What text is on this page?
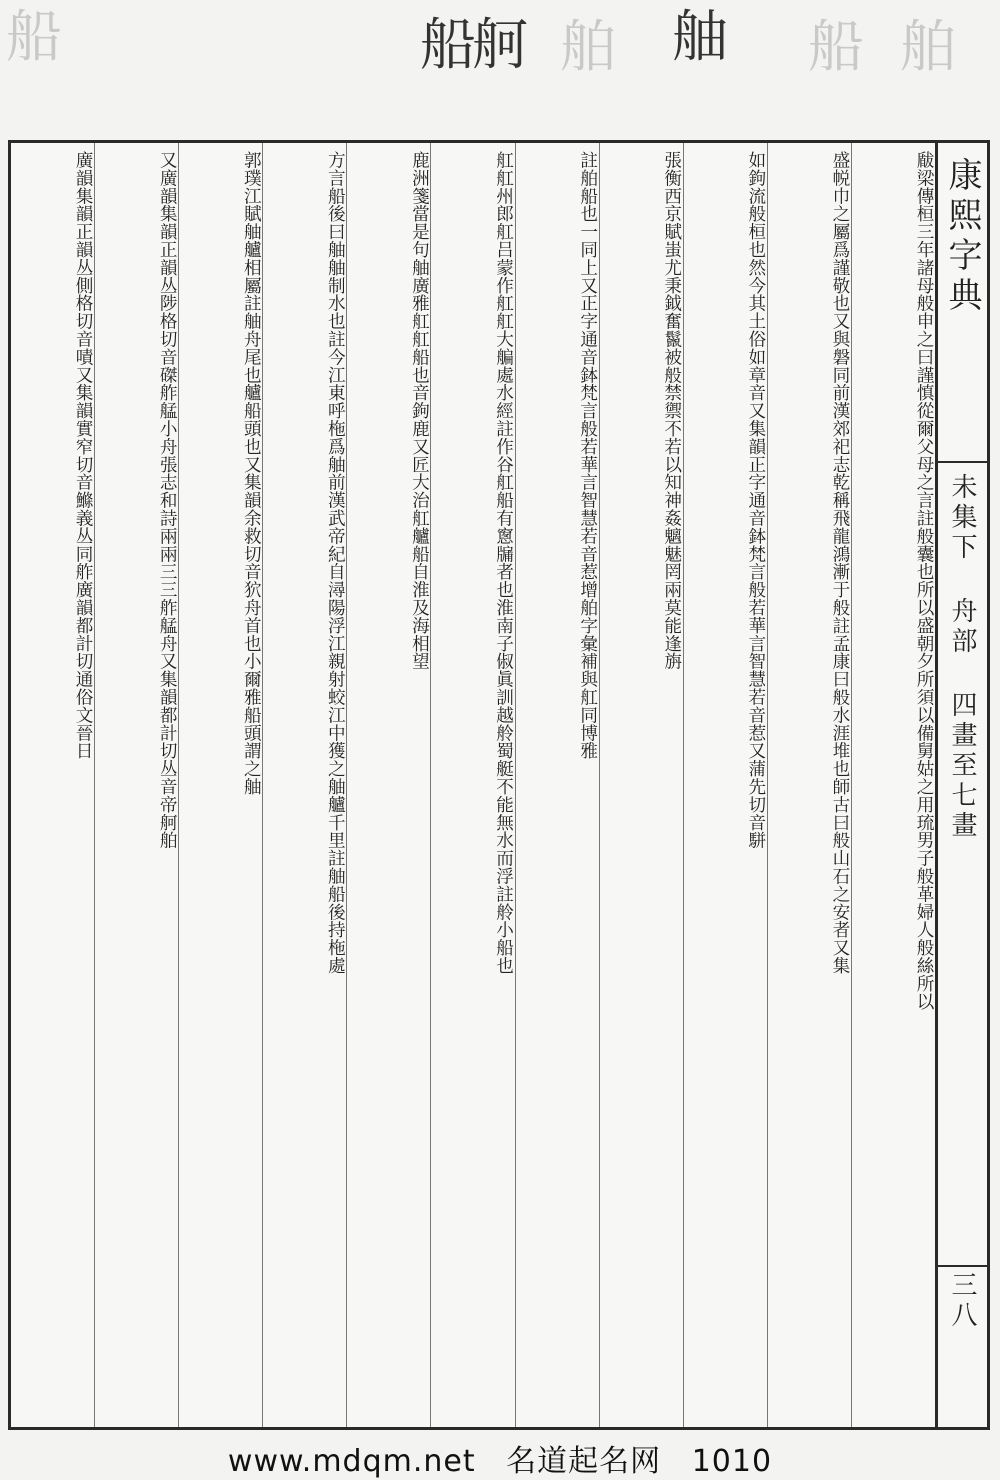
船	船
舸 舶 舳 船 舶
康熙字典
未集下 舟部 四畫至七畫
三八
瞂梁傳桓三年諸母般申之曰謹慎從爾父母之言註般囊也所以盛朝夕所須以備舅姑之用琉男子般革婦人般絲所以
盛帨巾之屬爲謹敬也又與磐同前漢郊祀志乾稱飛龍鴻漸于般註孟康曰般水涯堆也師古曰般山石之安者又集
如鉤流般桓也然今其土俗如章音又集韻正字通音鉢梵言般若華言智慧若音惹又蒲先切音駢
張衡西京賦蚩尤秉鉞奮鬣被般禁禦不若以知神姦魑魅罔兩莫能逢旃
註舶船也一同上又正字通音鉢梵言般若華言智慧若音惹增舶字彙補與舡同博雅
舡舡州郎舡吕蒙作舡舡大艑處水經註作谷舡船有窻牖者也淮南子俶眞訓越舲蜀艇不能無水而浮註舲小船也
鹿洲箋當是句舳廣雅舡舡船也音鉤鹿又匠大治舡艫船自淮及海相望
方言船後曰舳舳制水也註今江東呼柂爲舳前漢武帝紀自潯陽浮江親射蛟江中獲之舳艫千里註舳船後持柂處
郭璞江賦舳艫相屬註舳舟尾也艫船頭也又集韻余救切音狖舟首也小爾雅船頭謂之舳
又廣韻集韻正韻丛陟格切音磔舴艋小舟張志和詩兩兩三三舴艋舟又集韻都計切丛音帝舸舶
廣韻集韻正韻丛側格切音嘖又集韻實窄切音鰷義丛同舴廣韻都計切通俗文晉日
www.mdqm.net 名道起名网 1010
